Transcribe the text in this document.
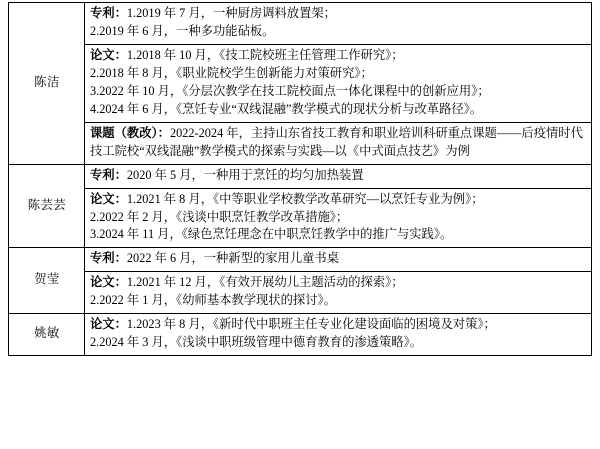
陈洁	专利：1.2019 年 7 月，一种厨房调料放置架；
2.2019 年 6 月，一种多功能砧板。

	论文：1.2018 年 10 月，《技工院校班主任管理工作研究》；
2.2018 年 8 月，《职业院校学生创新能力对策研究》；
3.2022 年 10 月，《分层次教学在技工院校面点一体化课程中的创新应用》；
4.2024 年 6 月，《烹饪专业“双线混融”教学模式的现状分析与改革路径》。

	课题（教改）：2022-2024 年，主持山东省技工教育和职业培训科研重点课题——后疫情时代技工院校“双线混融”教学模式的探索与实践—以《中式面点技艺》为例

陈芸芸	专利：2020 年 5 月，一种用于烹饪的均匀加热装置

	论文：1.2021 年 8 月，《中等职业学校教学改革研究—以烹饪专业为例》；
2.2022 年 2 月，《浅谈中职烹饪教学改革措施》；
3.2024 年 11 月，《绿色烹饪理念在中职烹饪教学中的推广与实践》。

贺莹	专利：2022 年 6 月，一种新型的家用儿童书桌

	论文：1.2021 年 12 月，《有效开展幼儿主题活动的探索》；
2.2022 年 1 月，《幼师基本教学现状的探讨》。

姚敏	论文：1.2023 年 8 月，《新时代中职班主任专业化建设面临的困境及对策》；
2.2024 年 3 月，《浅谈中职班级管理中德育教育的渗透策略》。
